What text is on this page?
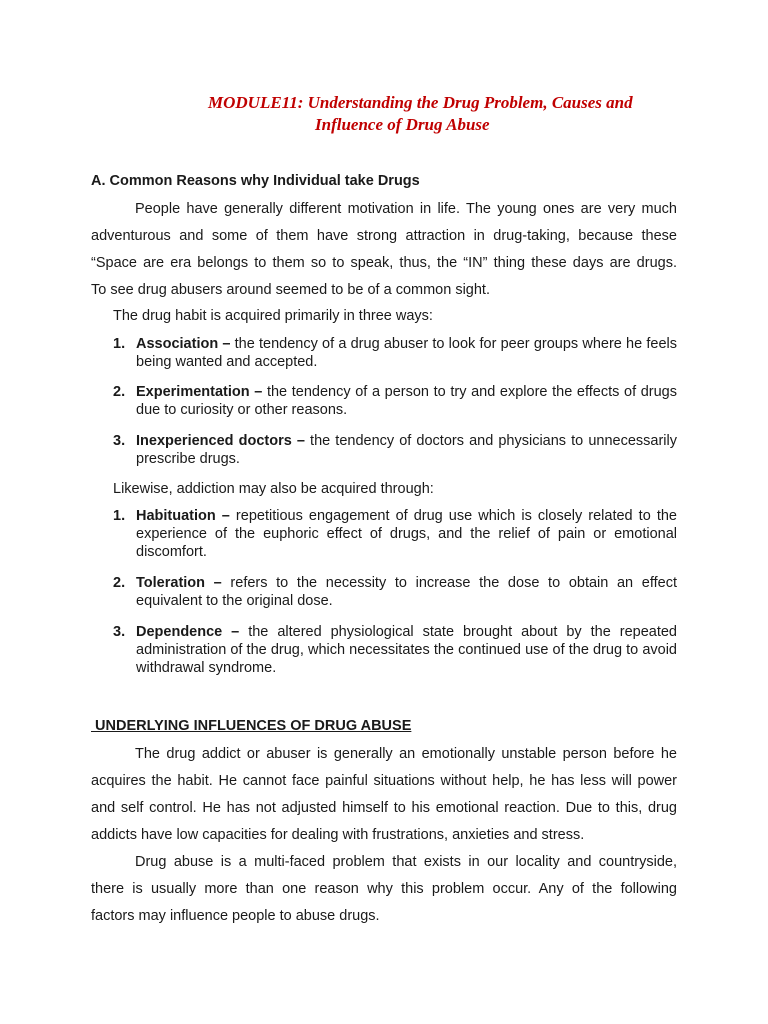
MODULE11: Understanding the Drug Problem, Causes and
Influence of Drug Abuse
A. Common Reasons why Individual take Drugs

People have generally different motivation in life. The young ones are very much
adventurous and some of them have strong attraction in drug-taking, because these
“Space are era belongs to them so to speak, thus, the “IN” thing these days are drugs.
To see drug abusers around seemed to be of a common sight.

The drug habit is acquired primarily in three ways:
1. Association – the tendency of a drug abuser to look for peer groups where he feels being wanted and accepted.
2. Experimentation – the tendency of a person to try and explore the effects of drugs due to curiosity or other reasons.
3. Inexperienced doctors – the tendency of doctors and physicians to unnecessarily prescribe drugs.
Likewise, addiction may also be acquired through:
1. Habituation – repetitious engagement of drug use which is closely related to the experience of the euphoric effect of drugs, and the relief of pain or emotional discomfort.
2. Toleration – refers to the necessity to increase the dose to obtain an effect equivalent to the original dose.
3. Dependence – the altered physiological state brought about by the repeated administration of the drug, which necessitates the continued use of the drug to avoid withdrawal syndrome.
UNDERLYING INFLUENCES OF DRUG ABUSE

The drug addict or abuser is generally an emotionally unstable person before he
acquires the habit. He cannot face painful situations without help, he has less will power
and self control. He has not adjusted himself to his emotional reaction. Due to this, drug
addicts have low capacities for dealing with frustrations, anxieties and stress.

Drug abuse is a multi-faced problem that exists in our locality and countryside,
there is usually more than one reason why this problem occur. Any of the following
factors may influence people to abuse drugs.
